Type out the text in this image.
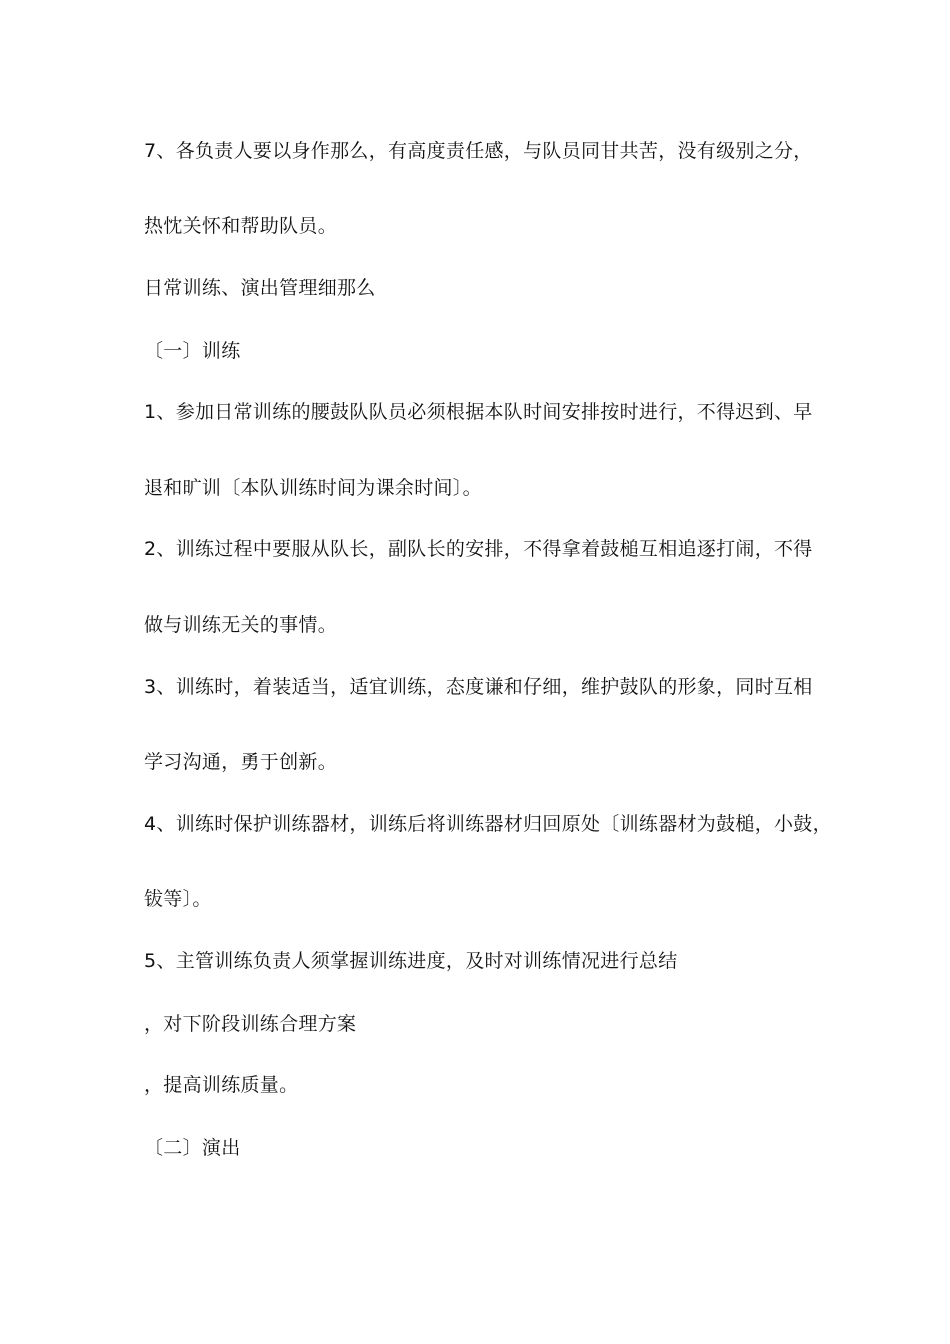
7、各负责人要以身作那么，有高度责任感，与队员同甘共苦，没有级别之分，
热忱关怀和帮助队员。
日常训练、演出管理细那么
〔一〕训练
1、参加日常训练的腰鼓队队员必须根据本队时间安排按时进行，不得迟到、早
退和旷训〔本队训练时间为课余时间〕。
2、训练过程中要服从队长，副队长的安排，不得拿着鼓槌互相追逐打闹，不得
做与训练无关的事情。
3、训练时，着装适当，适宜训练，态度谦和仔细，维护鼓队的形象，同时互相
学习沟通，勇于创新。
4、训练时保护训练器材，训练后将训练器材归回原处〔训练器材为鼓槌，小鼓，
钹等〕。
5、主管训练负责人须掌握训练进度，及时对训练情况进行总结
，对下阶段训练合理方案
，提高训练质量。
〔二〕演出
